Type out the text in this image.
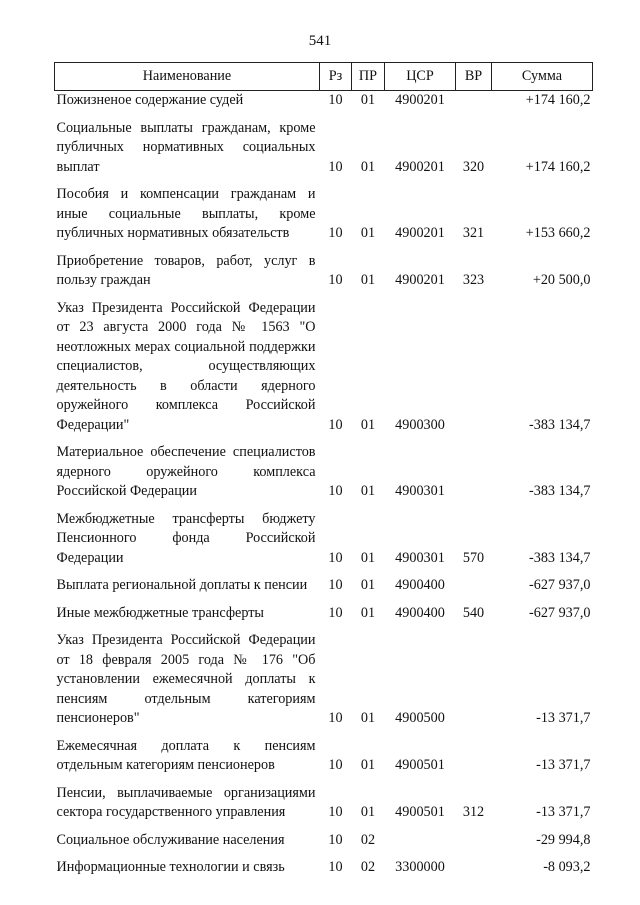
541
Наименование	Рз	ПР	ЦСР	ВР	Сумма
Пожизненое содержание судей	10	01	4900201		+174 160,2

Социальные выплаты гражданам, кроме публичных нормативных социальных выплат	10	01	4900201	320	+174 160,2

Пособия и компенсации гражданам и иные социальные выплаты, кроме публичных нормативных обязательств	10	01	4900201	321	+153 660,2

Приобретение товаров, работ, услуг в пользу граждан	10	01	4900201	323	+20 500,0

Указ Президента Российской Федерации от 23 августа 2000 года № 1563 "О неотложных мерах социальной поддержки специалистов, осуществляющих деятельность в области ядерного оружейного комплекса Российской Федерации"	10	01	4900300		-383 134,7

Материальное обеспечение специалистов ядерного оружейного комплекса Российской Федерации	10	01	4900301		-383 134,7

Межбюджетные трансферты бюджету Пенсионного фонда Российской Федерации	10	01	4900301	570	-383 134,7

Выплата региональной доплаты к пенсии	10	01	4900400		-627 937,0

Иные межбюджетные трансферты	10	01	4900400	540	-627 937,0

Указ Президента Российской Федерации от 18 февраля 2005 года № 176 "Об установлении ежемесячной доплаты к пенсиям отдельным категориям пенсионеров"	10	01	4900500		-13 371,7

Ежемесячная доплата к пенсиям отдельным категориям пенсионеров	10	01	4900501		-13 371,7

Пенсии, выплачиваемые организациями сектора государственного управления	10	01	4900501	312	-13 371,7

Социальное обслуживание населения	10	02			-29 994,8

Информационные технологии и связь	10	02	3300000		-8 093,2
